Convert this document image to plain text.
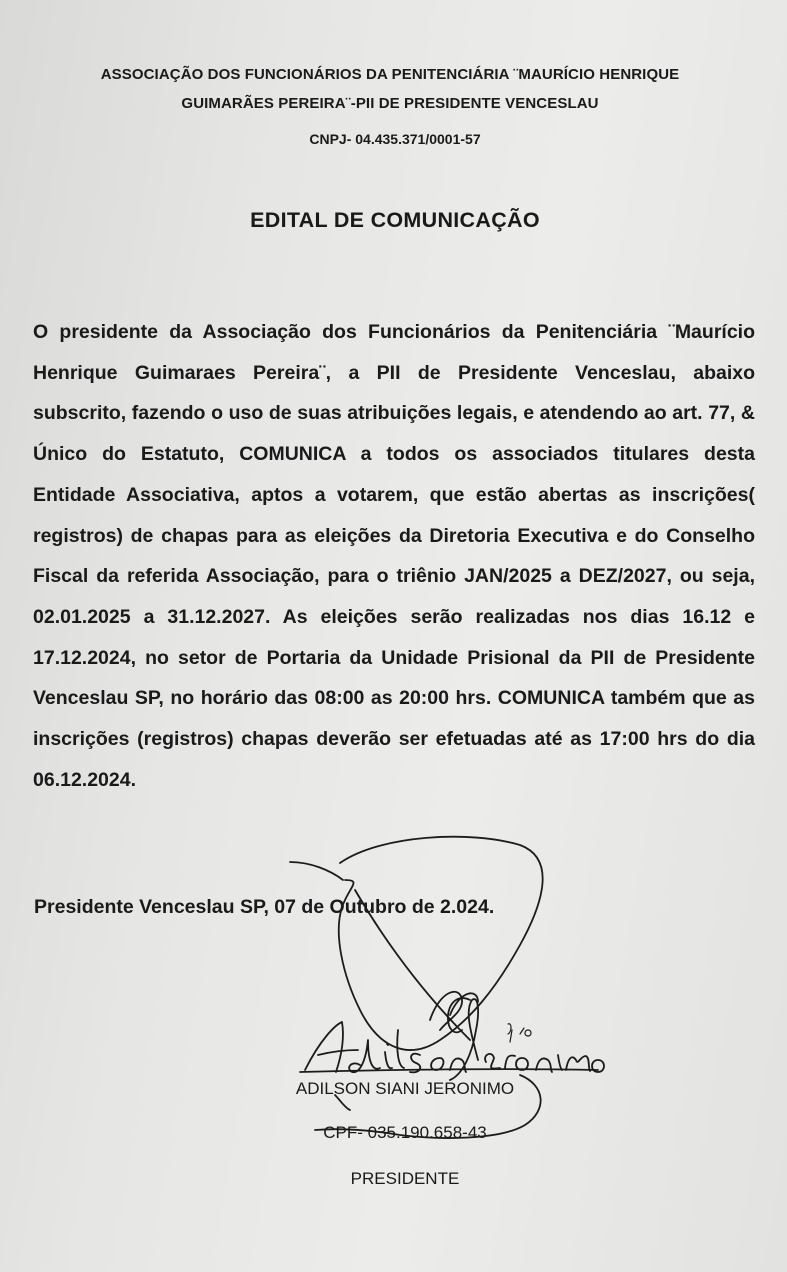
ASSOCIAÇÃO DOS FUNCIONÁRIOS DA PENITENCIÁRIA ¨MAURÍCIO HENRIQUE
GUIMARÃES PEREIRA¨-PII DE PRESIDENTE VENCESLAU
CNPJ- 04.435.371/0001-57
EDITAL DE COMUNICAÇÃO
O presidente da Associação dos Funcionários da Penitenciária ¨Maurício Henrique Guimaraes Pereira¨, a PII de Presidente Venceslau, abaixo subscrito, fazendo o uso de suas atribuições legais, e atendendo ao art. 77, & Único do Estatuto, COMUNICA a todos os associados titulares desta Entidade Associativa, aptos a votarem, que estão abertas as inscrições( registros) de chapas para as eleições da Diretoria Executiva e do Conselho Fiscal da referida Associação, para o triênio JAN/2025 a DEZ/2027, ou seja, 02.01.2025 a 31.12.2027. As eleições serão realizadas nos dias 16.12 e 17.12.2024, no setor de Portaria da Unidade Prisional da PII de Presidente Venceslau SP, no horário das 08:00 as 20:00 hrs. COMUNICA também que as inscrições (registros) chapas deverão ser efetuadas até as 17:00 hrs do dia 06.12.2024.
Presidente Venceslau SP, 07 de Outubro de 2.024.
ADILSON SIANI JERONIMO
CPF- 035.190.658-43
PRESIDENTE
